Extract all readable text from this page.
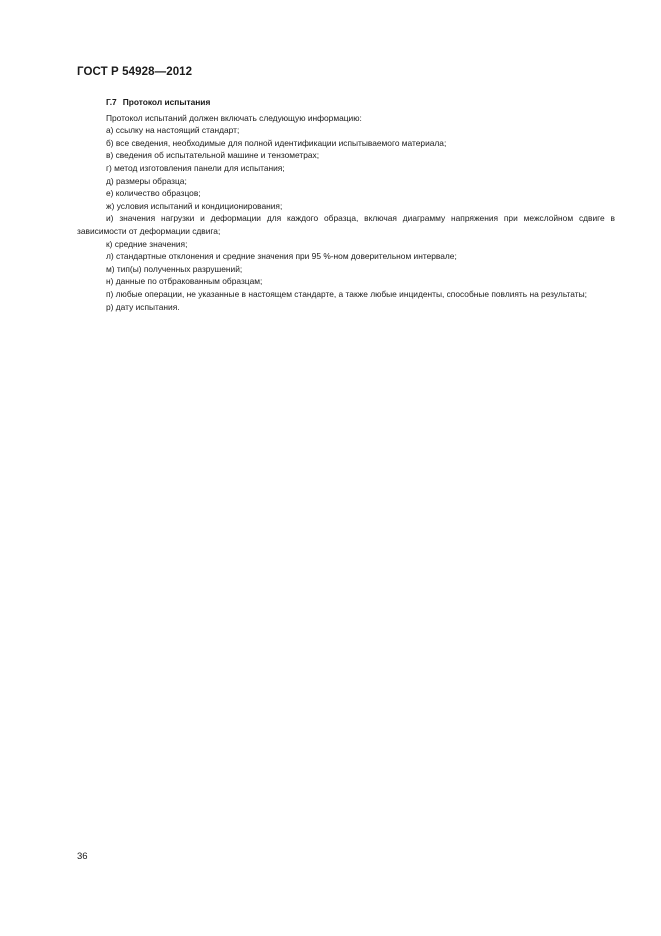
ГОСТ Р 54928—2012
Г.7 Протокол испытания
Протокол испытаний должен включать следующую информацию:
а) ссылку на настоящий стандарт;
б) все сведения, необходимые для полной идентификации испытываемого материала;
в) сведения об испытательной машине и тензометрах;
г) метод изготовления панели для испытания;
д) размеры образца;
е) количество образцов;
ж) условия испытаний и кондиционирования;
и) значения нагрузки и деформации для каждого образца, включая диаграмму напряжения при межслойном сдвиге в зависимости от деформации сдвига;
к) средние значения;
л) стандартные отклонения и средние значения при 95 %-ном доверительном интервале;
м) тип(ы) полученных разрушений;
н) данные по отбракованным образцам;
п) любые операции, не указанные в настоящем стандарте, а также любые инциденты, способные повлиять на результаты;
р) дату испытания.
36
